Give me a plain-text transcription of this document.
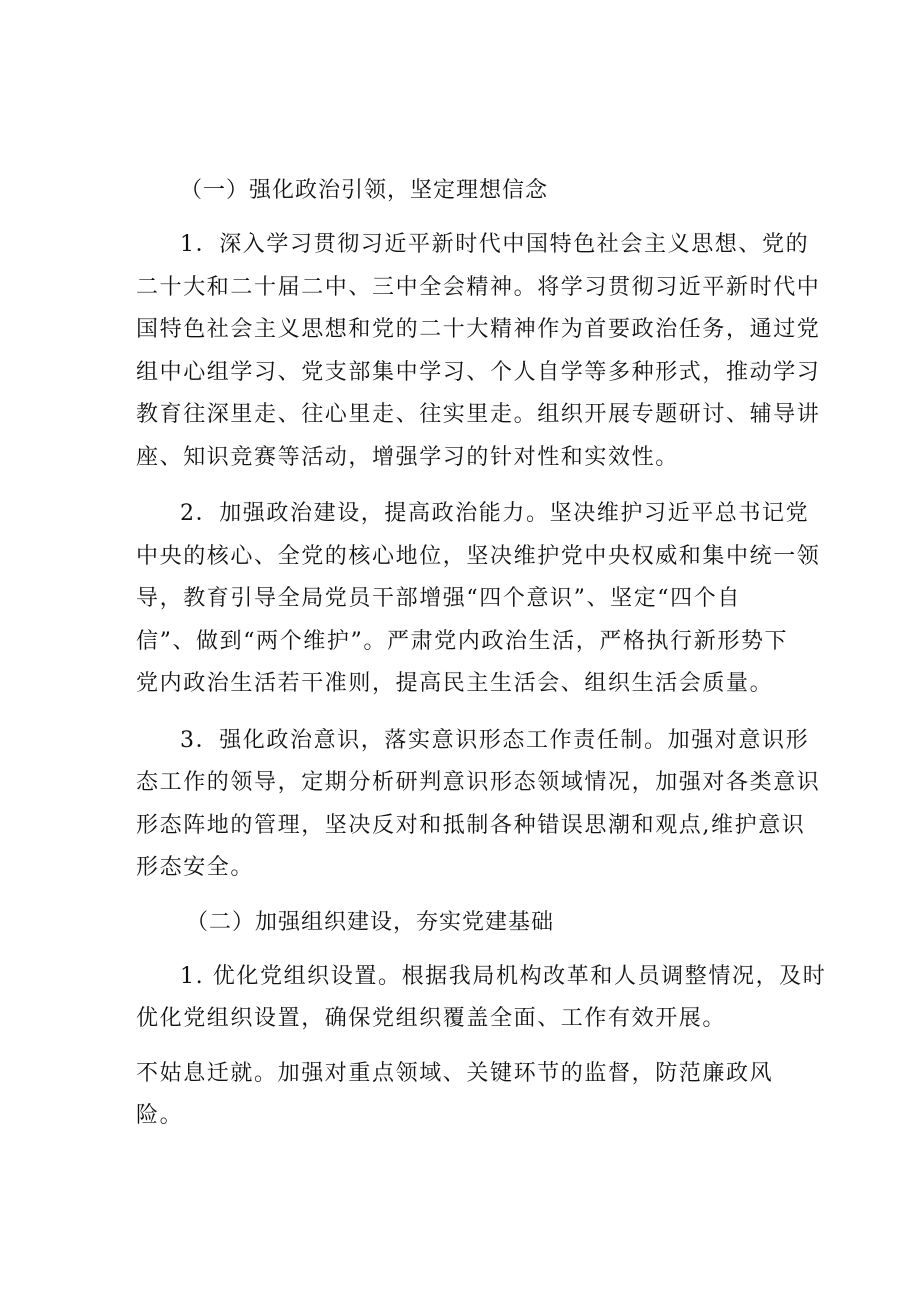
（一）强化政治引领，坚定理想信念
1．深入学习贯彻习近平新时代中国特色社会主义思想、党的
二十大和二十届二中、三中全会精神。将学习贯彻习近平新时代中
国特色社会主义思想和党的二十大精神作为首要政治任务，通过党
组中心组学习、党支部集中学习、个人自学等多种形式，推动学习
教育往深里走、往心里走、往实里走。组织开展专题研讨、辅导讲
座、知识竞赛等活动，增强学习的针对性和实效性。
2．加强政治建设，提高政治能力。坚决维护习近平总书记党
中央的核心、全党的核心地位，坚决维护党中央权威和集中统一领
导，教育引导全局党员干部增强“四个意识”、坚定“四个自
信”、做到“两个维护”。严肃党内政治生活，严格执行新形势下
党内政治生活若干准则，提高民主生活会、组织生活会质量。
3．强化政治意识，落实意识形态工作责任制。加强对意识形
态工作的领导，定期分析研判意识形态领域情况，加强对各类意识
形态阵地的管理，坚决反对和抵制各种错误思潮和观点,维护意识
形态安全。
（二）加强组织建设，夯实党建基础
1. 优化党组织设置。根据我局机构改革和人员调整情况，及时
优化党组织设置，确保党组织覆盖全面、工作有效开展。
不姑息迁就。加强对重点领域、关键环节的监督，防范廉政风
险。
